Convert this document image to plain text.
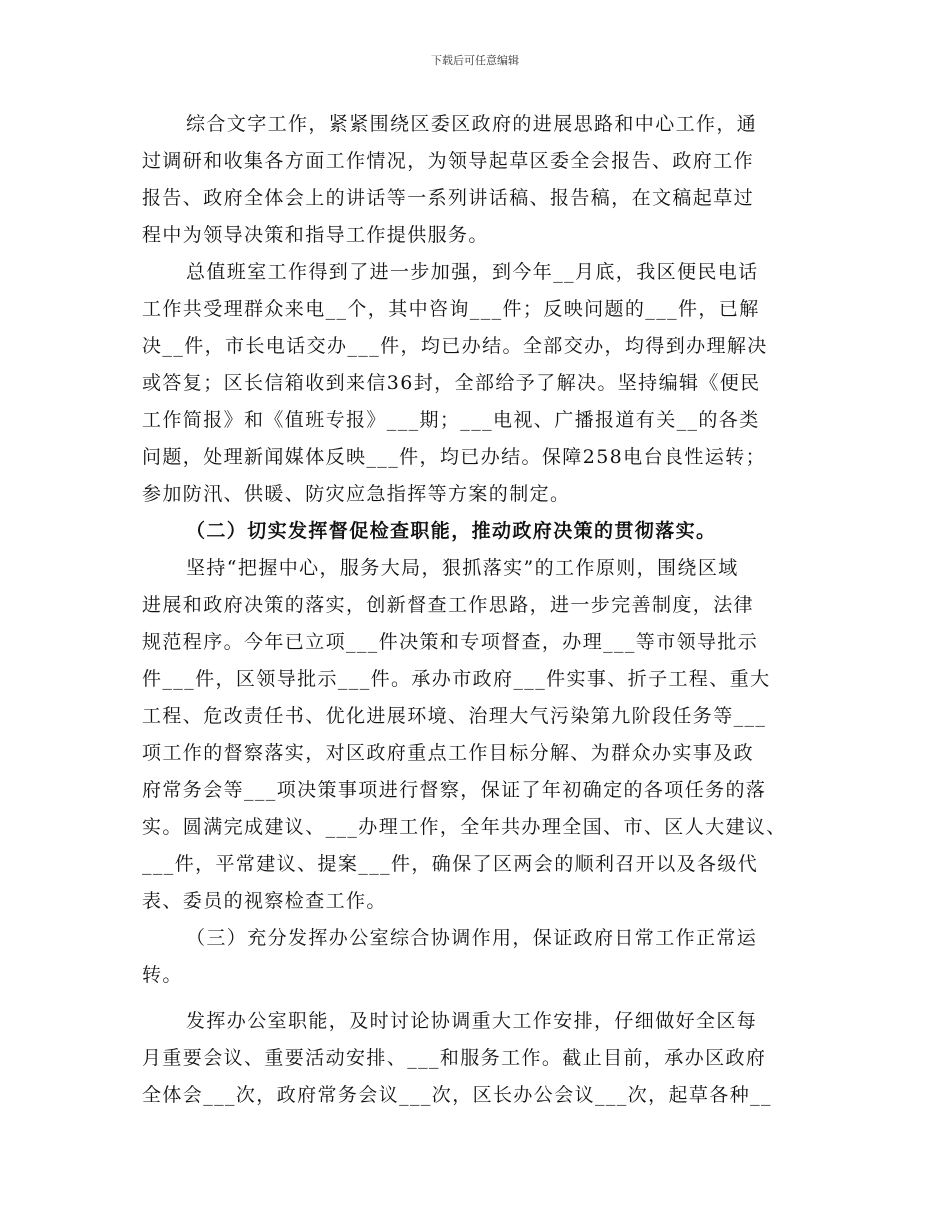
下载后可任意编辑
综合文字工作，紧紧围绕区委区政府的进展思路和中心工作，通
过调研和收集各方面工作情况，为领导起草区委全会报告、政府工作
报告、政府全体会上的讲话等一系列讲话稿、报告稿，在文稿起草过
程中为领导决策和指导工作提供服务。
总值班室工作得到了进一步加强，到今年__月底，我区便民电话
工作共受理群众来电__个，其中咨询___件；反映问题的___件，已解
决__件，市长电话交办___件，均已办结。全部交办，均得到办理解决
或答复；区长信箱收到来信36封，全部给予了解决。坚持编辑《便民
工作简报》和《值班专报》___期；___电视、广播报道有关__的各类
问题，处理新闻媒体反映___件，均已办结。保障258电台良性运转；
参加防汛、供暖、防灾应急指挥等方案的制定。
（二）切实发挥督促检查职能，推动政府决策的贯彻落实。
坚持“把握中心，服务大局，狠抓落实”的工作原则，围绕区域
进展和政府决策的落实，创新督查工作思路，进一步完善制度，法律
规范程序。今年已立项___件决策和专项督查，办理___等市领导批示
件___件，区领导批示___件。承办市政府___件实事、折子工程、重大
工程、危改责任书、优化进展环境、治理大气污染第九阶段任务等___
项工作的督察落实，对区政府重点工作目标分解、为群众办实事及政
府常务会等___项决策事项进行督察，保证了年初确定的各项任务的落
实。圆满完成建议、___办理工作，全年共办理全国、市、区人大建议、
___件，平常建议、提案___件，确保了区两会的顺利召开以及各级代
表、委员的视察检查工作。
（三）充分发挥办公室综合协调作用，保证政府日常工作正常运
转。
发挥办公室职能，及时讨论协调重大工作安排，仔细做好全区每
月重要会议、重要活动安排、___和服务工作。截止目前，承办区政府
全体会___次，政府常务会议___次，区长办公会议___次，起草各种__
